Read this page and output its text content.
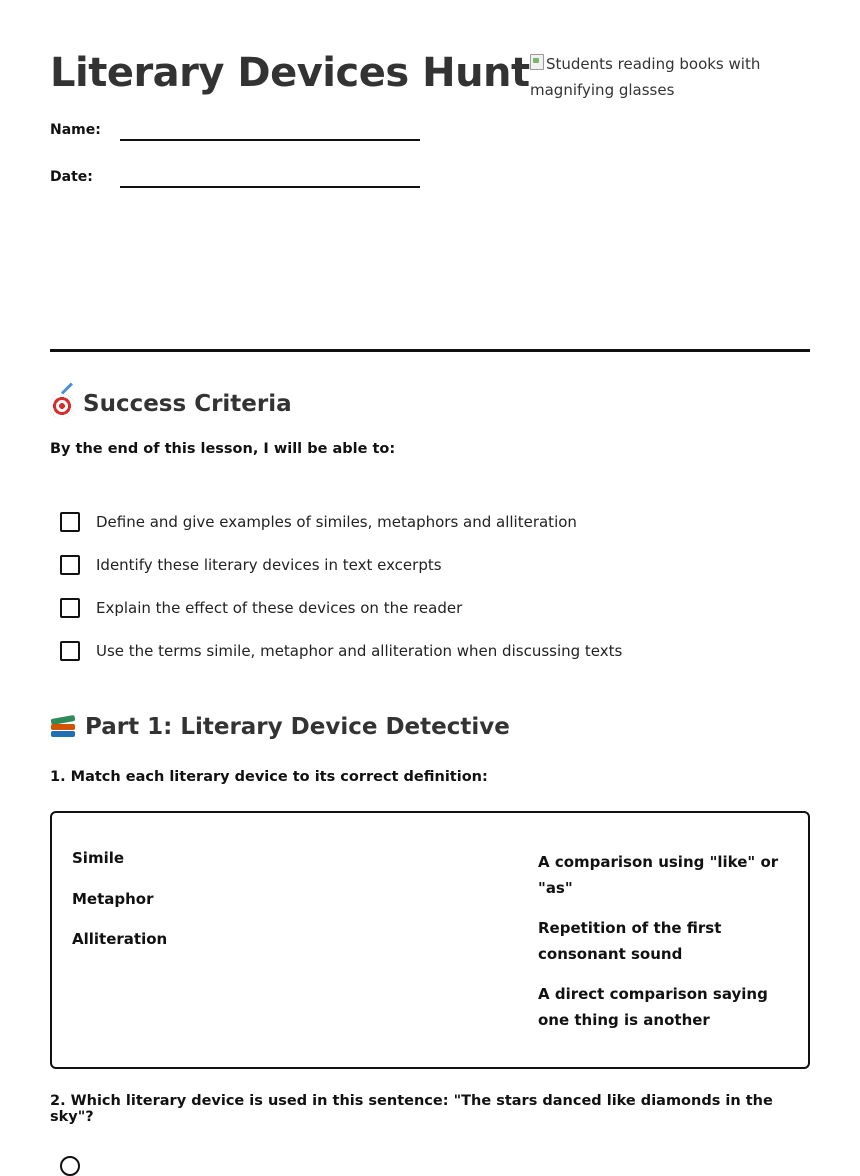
Literary Devices Hunt	Students reading books with magnifying glasses
Name:
Date:
Success Criteria
By the end of this lesson, I will be able to:
Define and give examples of similes, metaphors and alliteration
Identify these literary devices in text excerpts
Explain the effect of these devices on the reader
Use the terms simile, metaphor and alliteration when discussing texts
Part 1: Literary Device Detective
1. Match each literary device to its correct definition:
Simile
Metaphor
Alliteration
A comparison using "like" or "as"
Repetition of the first consonant sound
A direct comparison saying one thing is another
2. Which literary device is used in this sentence: "The stars danced like diamonds in the sky"?
